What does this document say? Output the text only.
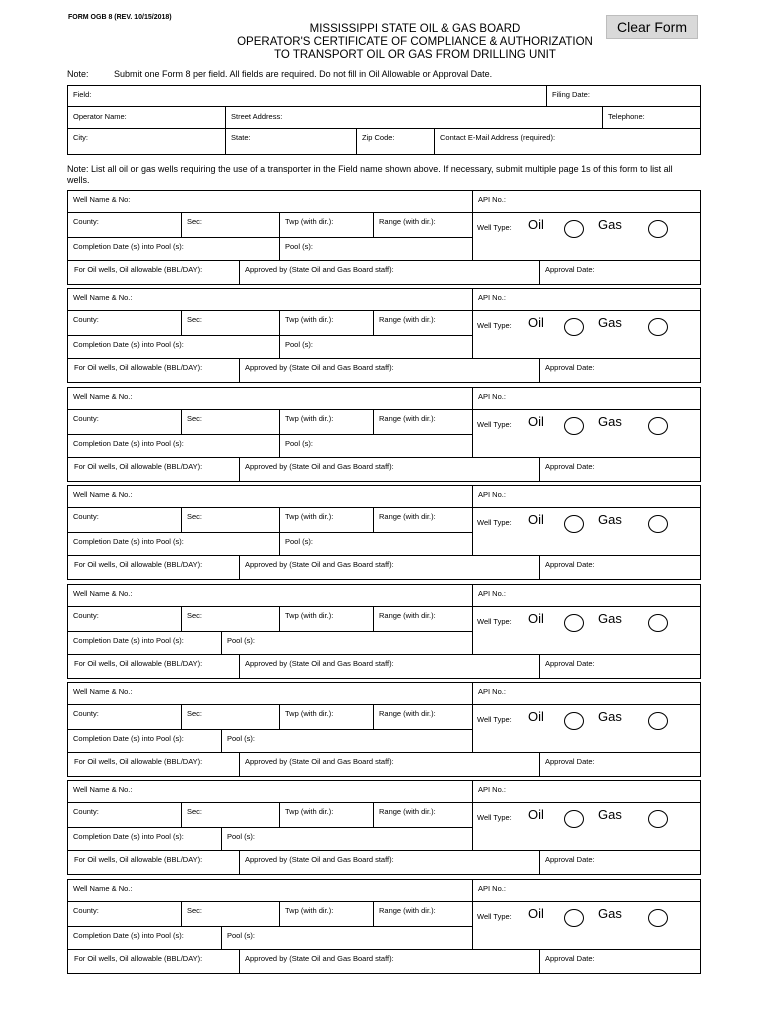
FORM OGB 8 (REV. 10/15/2018)
Clear Form
MISSISSIPPI STATE OIL & GAS BOARD
OPERATOR'S CERTIFICATE OF COMPLIANCE & AUTHORIZATION
TO TRANSPORT OIL OR GAS FROM DRILLING UNIT
Note:	Submit one Form 8 per field. All fields are required. Do not fill in Oil Allowable or Approval Date.
Field:	Filing Date:
Operator Name:	Street Address:	Telephone:
City:	State:	Zip Code:	Contact E-Mail Address (required):
Note: List all oil or gas wells requiring the use of a transporter in the Field name shown above. If necessary, submit multiple page 1s of this form to list all wells.
Well Name & No:	API No.:
County:	Sec:	Twp (with dir.):	Range (with dir.):
Well Type: Oil	Gas
Completion Date (s) into Pool (s):	Pool (s):
For Oil wells, Oil allowable (BBL/DAY):	Approved by (State Oil and Gas Board staff):	Approval Date:
Well Name & No.:	API No.:
County:	Sec:	Twp (with dir.):	Range (with dir.):
Well Type: Oil	Gas
Completion Date (s) into Pool (s):	Pool (s):
For Oil wells, Oil allowable (BBL/DAY):	Approved by (State Oil and Gas Board staff):	Approval Date:
Well Name & No.:	API No.:
County:	Sec:	Twp (with dir.):	Range (with dir.):
Well Type: Oil	Gas
Completion Date (s) into Pool (s):	Pool (s):
For Oil wells, Oil allowable (BBL/DAY):	Approved by (State Oil and Gas Board staff):	Approval Date:
Well Name & No.:	API No.:
County:	Sec:	Twp (with dir.):	Range (with dir.):
Well Type: Oil	Gas
Completion Date (s) into Pool (s):	Pool (s):
For Oil wells, Oil allowable (BBL/DAY):	Approved by (State Oil and Gas Board staff):	Approval Date:
Well Name & No.:	API No.:
County:	Sec:	Twp (with dir.):	Range (with dir.):
Well Type: Oil	Gas
Completion Date (s) into Pool (s):	Pool (s):
For Oil wells, Oil allowable (BBL/DAY):	Approved by (State Oil and Gas Board staff):	Approval Date:
Well Name & No.:	API No.:
County:	Sec:	Twp (with dir.):	Range (with dir.):
Well Type: Oil	Gas
Completion Date (s) into Pool (s):	Pool (s):
For Oil wells, Oil allowable (BBL/DAY):	Approved by (State Oil and Gas Board staff):	Approval Date:
Well Name & No.:	API No.:
County:	Sec:	Twp (with dir.):	Range (with dir.):
Well Type: Oil	Gas
Completion Date (s) into Pool (s):	Pool (s):
For Oil wells, Oil allowable (BBL/DAY):	Approved by (State Oil and Gas Board staff):	Approval Date:
Well Name & No.:	API No.:
County:	Sec:	Twp (with dir.):	Range (with dir.):
Well Type: Oil	Gas
Completion Date (s) into Pool (s):	Pool (s):
For Oil wells, Oil allowable (BBL/DAY):	Approved by (State Oil and Gas Board staff):	Approval Date:
